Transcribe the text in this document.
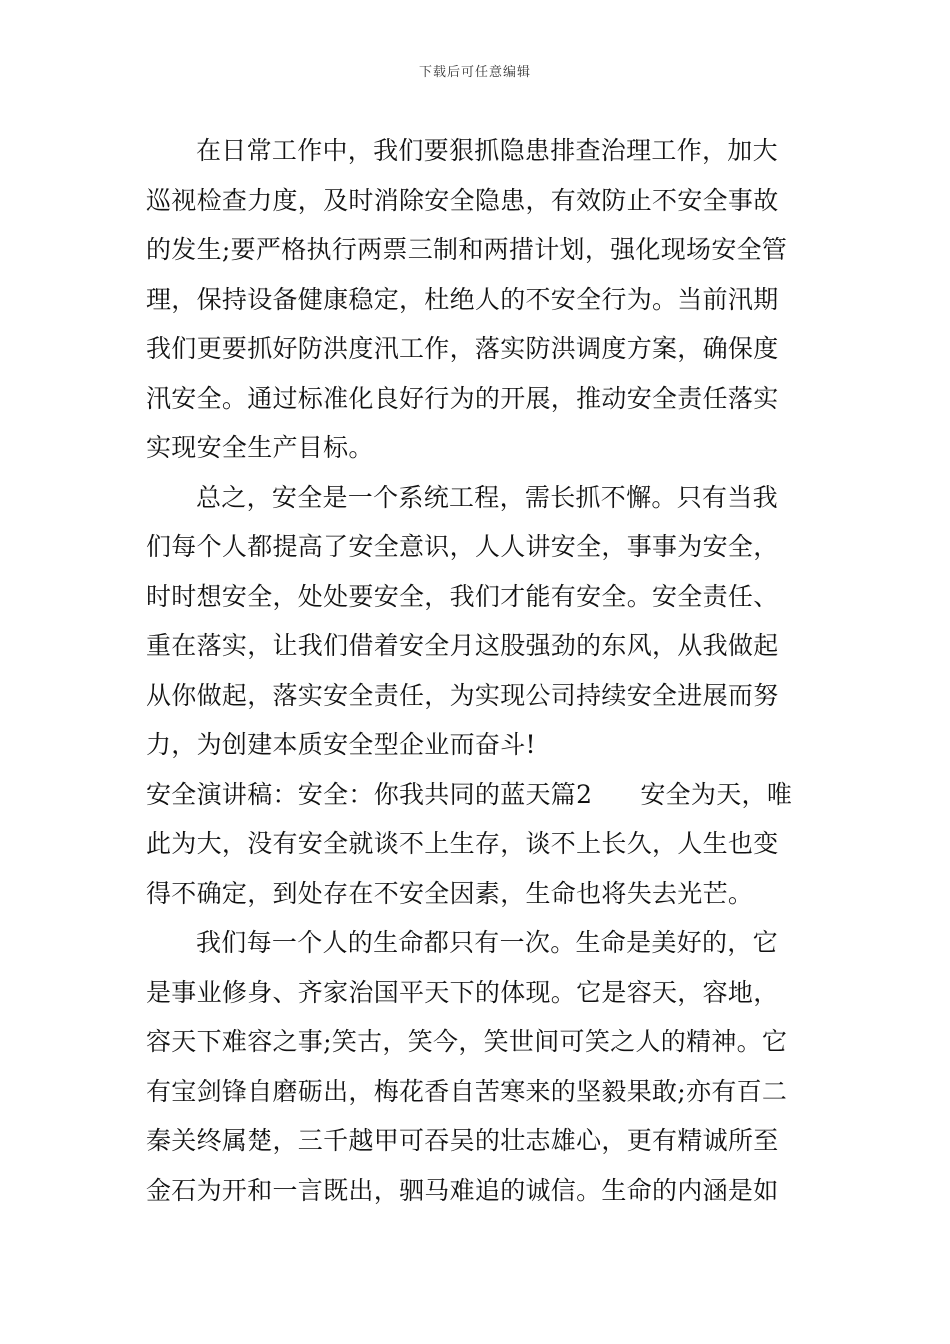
下载后可任意编辑
在日常工作中，我们要狠抓隐患排查治理工作，加大
巡视检查力度，及时消除安全隐患，有效防止不安全事故
的发生;要严格执行两票三制和两措计划，强化现场安全管
理，保持设备健康稳定，杜绝人的不安全行为。当前汛期
我们更要抓好防洪度汛工作，落实防洪调度方案，确保度
汛安全。通过标准化良好行为的开展，推动安全责任落实
实现安全生产目标。
总之，安全是一个系统工程，需长抓不懈。只有当我
们每个人都提高了安全意识，人人讲安全，事事为安全，
时时想安全，处处要安全，我们才能有安全。安全责任、
重在落实，让我们借着安全月这股强劲的东风，从我做起
从你做起，落实安全责任，为实现公司持续安全进展而努
力，为创建本质安全型企业而奋斗!
安全演讲稿：安全：你我共同的蓝天篇2 安全为天，唯
此为大，没有安全就谈不上生存，谈不上长久，人生也变
得不确定，到处存在不安全因素，生命也将失去光芒。
我们每一个人的生命都只有一次。生命是美好的，它
是事业修身、齐家治国平天下的体现。它是容天，容地，
容天下难容之事;笑古，笑今，笑世间可笑之人的精神。它
有宝剑锋自磨砺出，梅花香自苦寒来的坚毅果敢;亦有百二
秦关终属楚，三千越甲可吞吴的壮志雄心，更有精诚所至
金石为开和一言既出，驷马难追的诚信。生命的内涵是如
